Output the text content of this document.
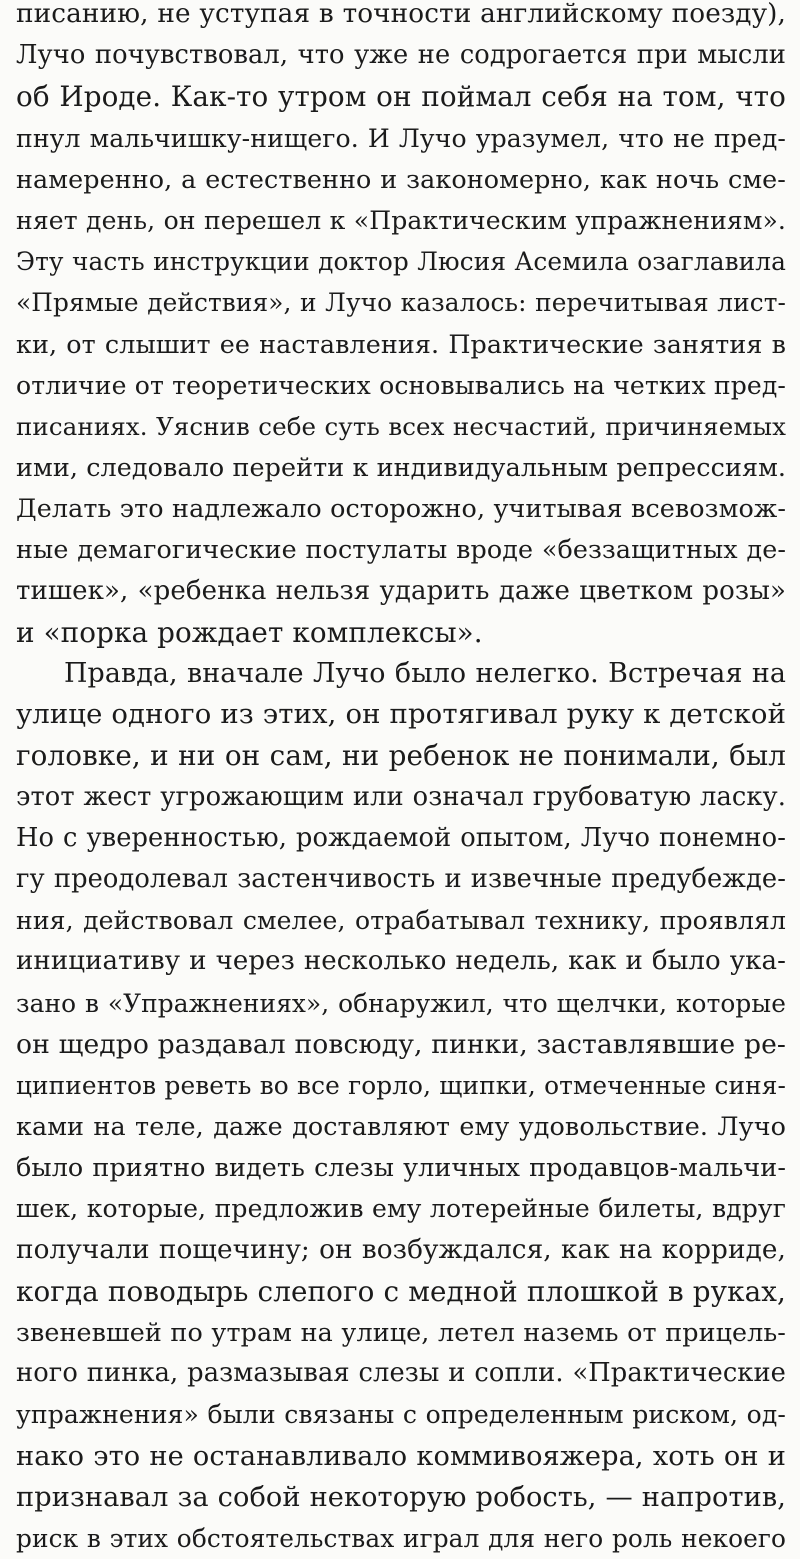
писанию, не уступая в точности английскому поезду),
Лучо почувствовал, что уже не содрогается при мысли
об Ироде. Как-то утром он поймал себя на том, что
пнул мальчишку-нищего. И Лучо уразумел, что не пред-
намеренно, а естественно и закономерно, как ночь сме-
няет день, он перешел к «Практическим упражнениям».
Эту часть инструкции доктор Люсия Асемила озаглавила
«Прямые действия», и Лучо казалось: перечитывая лист-
ки, от слышит ее наставления. Практические занятия в
отличие от теоретических основывались на четких пред-
писаниях. Уяснив себе суть всех несчастий, причиняемых
ими, следовало перейти к индивидуальным репрессиям.
Делать это надлежало осторожно, учитывая всевозмож-
ные демагогические постулаты вроде «беззащитных де-
тишек», «ребенка нельзя ударить даже цветком розы»
и «порка рождает комплексы».
Правда, вначале Лучо было нелегко. Встречая на
улице одного из этих, он протягивал руку к детской
головке, и ни он сам, ни ребенок не понимали, был
этот жест угрожающим или означал грубоватую ласку.
Но с уверенностью, рождаемой опытом, Лучо понемно-
гу преодолевал застенчивость и извечные предубежде-
ния, действовал смелее, отрабатывал технику, проявлял
инициативу и через несколько недель, как и было ука-
зано в «Упражнениях», обнаружил, что щелчки, которые
он щедро раздавал повсюду, пинки, заставлявшие ре-
ципиентов реветь во все горло, щипки, отмеченные синя-
ками на теле, даже доставляют ему удовольствие. Лучо
было приятно видеть слезы уличных продавцов-мальчи-
шек, которые, предложив ему лотерейные билеты, вдруг
получали пощечину; он возбуждался, как на корриде,
когда поводырь слепого с медной плошкой в руках,
звеневшей по утрам на улице, летел наземь от прицель-
ного пинка, размазывая слезы и сопли. «Практические
упражнения» были связаны с определенным риском, од-
нако это не останавливало коммивояжера, хоть он и
признавал за собой некоторую робость, — напротив,
риск в этих обстоятельствах играл для него роль некоего
